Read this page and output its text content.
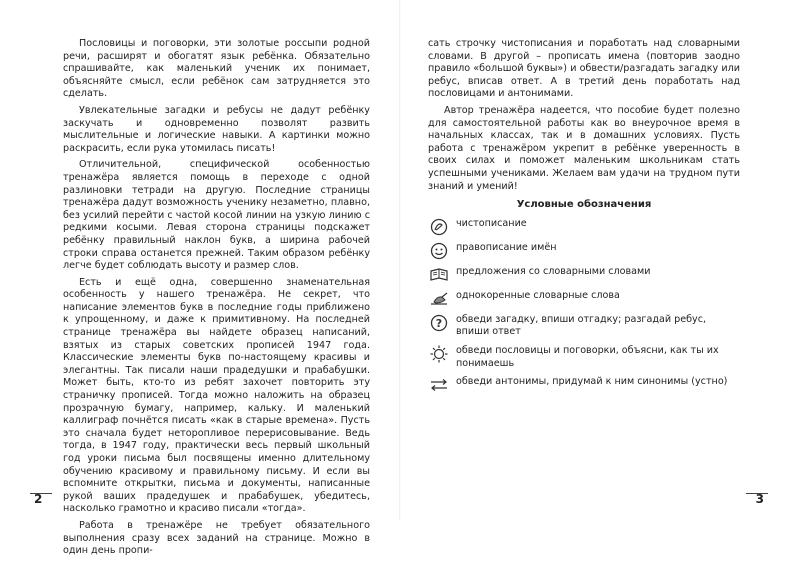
Пословицы и поговорки, эти золотые россыпи родной речи, расширят и обогатят язык ребёнка. Обязательно спрашивайте, как маленький ученик их понимает, объясняйте смысл, если ребёнок сам затрудняется это сделать.

Увлекательные загадки и ребусы не дадут ребёнку заскучать и одновременно позволят развить мыслительные и логические навыки. А картинки можно раскрасить, если рука утомилась писать!

Отличительной, специфической особенностью тренажёра является помощь в переходе с одной разлиновки тетради на другую. Последние страницы тренажёра дадут возможность ученику незаметно, плавно, без усилий перейти с частой косой линии на узкую линию с редкими косыми. Левая сторона страницы подскажет ребёнку правильный наклон букв, а ширина рабочей строки справа останется прежней. Таким образом ребёнку легче будет соблюдать высоту и размер слов.

Есть и ещё одна, совершенно знаменательная особенность у нашего тренажёра. Не секрет, что написание элементов букв в последние годы приближено к упрощенному, и даже к примитивному. На последней странице тренажёра вы найдете образец написаний, взятых из старых советских прописей 1947 года. Классические элементы букв по-настоящему красивы и элегантны. Так писали наши прадедушки и прабабушки. Может быть, кто-то из ребят захочет повторить эту страничку прописей. Тогда можно наложить на образец прозрачную бумагу, например, кальку. И маленький каллиграф почнётся писать «как в старые времена». Пусть это сначала будет неторопливое перерисовывание. Ведь тогда, в 1947 году, практически весь первый школьный год уроки письма был посвящены именно длительному обучению красивому и правильному письму. И если вы вспомните открытки, письма и документы, написанные рукой ваших прадедушек и прабабушек, убедитесь, насколько грамотно и красиво писали «тогда».

Работа в тренажёре не требует обязательного выполнения сразу всех заданий на странице. Можно в один день пропи-

2

сать строчку чистописания и поработать над словарными словами. В другой – прописать имена (повторив заодно правило «большой буквы») и обвести/разгадать загадку или ребус, вписав ответ. А в третий день поработать над пословицами и антонимами.

Автор тренажёра надеется, что пособие будет полезно для самостоятельной работы как во внеурочное время в начальных классах, так и в домашних условиях. Пусть работа с тренажёром укрепит в ребёнке уверенность в своих силах и поможет маленьким школьникам стать успешными учениками. Желаем вам удачи на трудном пути знаний и умений!

Условные обозначения
чистописание
правописание имён
предложения со словарными словами
однокоренные словарные слова
? обведи загадку, впиши отгадку; разгадай ребус, впиши ответ
обведи пословицы и поговорки, объясни, как ты их понимаешь
обведи антонимы, придумай к ним синонимы (устно)
3
